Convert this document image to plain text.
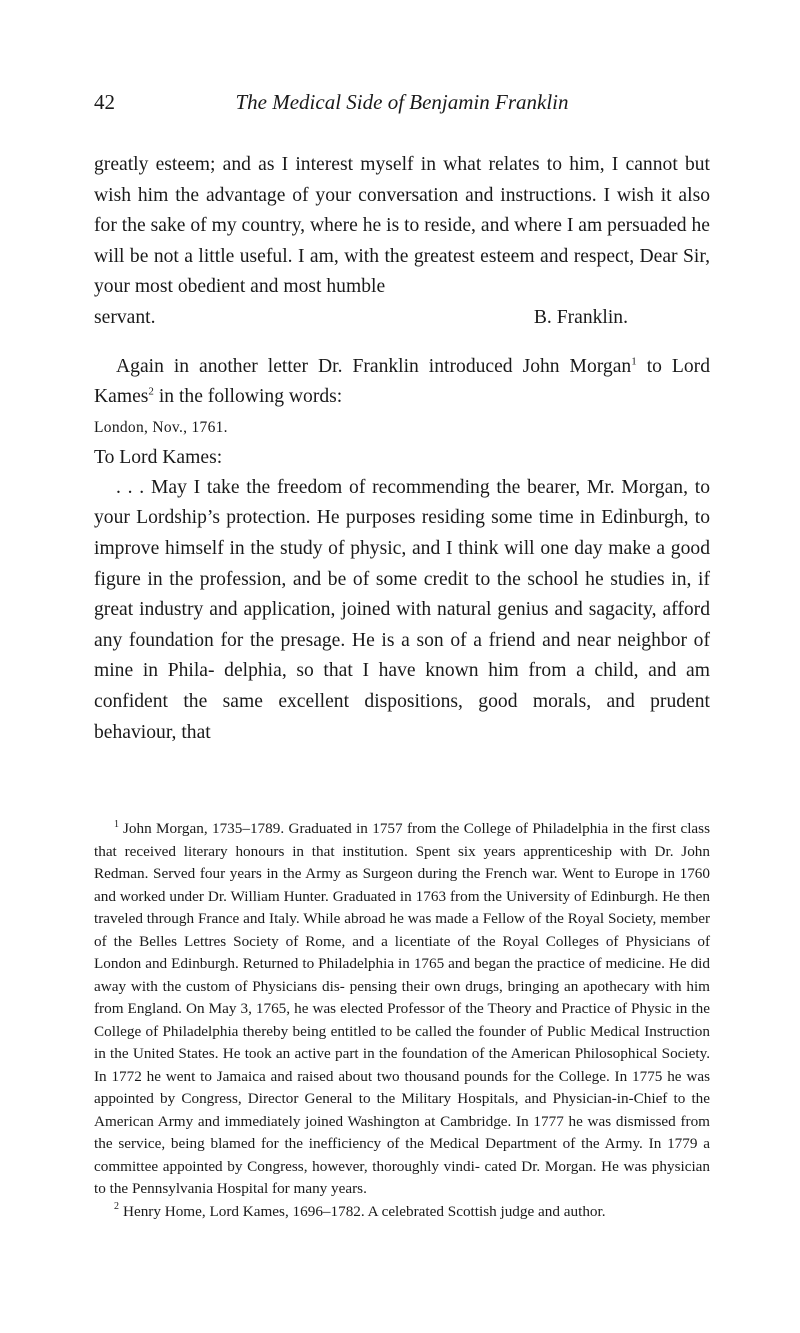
42	The Medical Side of Benjamin Franklin

greatly esteem; and as I interest myself in what relates to him, I cannot but wish him the advantage of your conversation and instructions. I wish it also for the sake of my country, where he is to reside, and where I am persuaded he will be not a little useful. I am, with the greatest esteem and respect, Dear Sir, your most obedient and most humble

servant.	B. Franklin.

Again in another letter Dr. Franklin introduced John Morgan$^1$ to Lord Kames$^2$ in the following words:

London, Nov., 1761.

To Lord Kames:

. . . May I take the freedom of recommending the bearer, Mr. Morgan, to your Lordship’s protection. He purposes residing some time in Edinburgh, to improve himself in the study of physic, and I think will one day make a good figure in the profession, and be of some credit to the school he studies in, if great industry and application, joined with natural genius and sagacity, afford any foundation for the presage. He is a son of a friend and near neighbor of mine in Phila- delphia, so that I have known him from a child, and am confident the same excellent dispositions, good morals, and prudent behaviour, that

$^1$ John Morgan, 1735–1789. Graduated in 1757 from the College of Philadelphia in the first class that received literary honours in that institution. Spent six years apprenticeship with Dr. John Redman. Served four years in the Army as Surgeon during the French war. Went to Europe in 1760 and worked under Dr. William Hunter. Graduated in 1763 from the University of Edinburgh. He then traveled through France and Italy. While abroad he was made a Fellow of the Royal Society, member of the Belles Lettres Society of Rome, and a licentiate of the Royal Colleges of Physicians of London and Edinburgh. Returned to Philadelphia in 1765 and began the practice of medicine. He did away with the custom of Physicians dis- pensing their own drugs, bringing an apothecary with him from England. On May 3, 1765, he was elected Professor of the Theory and Practice of Physic in the College of Philadelphia thereby being entitled to be called the founder of Public Medical Instruction in the United States. He took an active part in the foundation of the American Philosophical Society. In 1772 he went to Jamaica and raised about two thousand pounds for the College. In 1775 he was appointed by Congress, Director General to the Military Hospitals, and Physician-in-Chief to the American Army and immediately joined Washington at Cambridge. In 1777 he was dismissed from the service, being blamed for the inefficiency of the Medical Department of the Army. In 1779 a committee appointed by Congress, however, thoroughly vindi- cated Dr. Morgan. He was physician to the Pennsylvania Hospital for many years.

$^2$ Henry Home, Lord Kames, 1696–1782. A celebrated Scottish judge and author.
